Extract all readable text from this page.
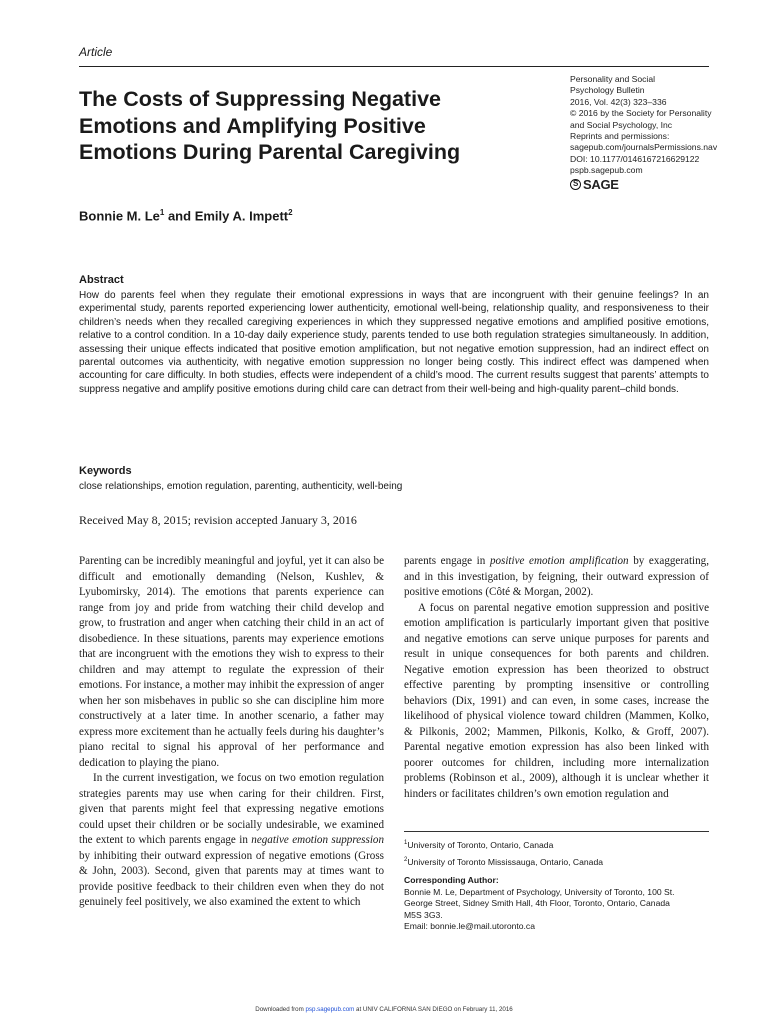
Article
The Costs of Suppressing Negative Emotions and Amplifying Positive Emotions During Parental Caregiving
Personality and Social
Psychology Bulletin
2016, Vol. 42(3) 323–336
© 2016 by the Society for Personality
and Social Psychology, Inc
Reprints and permissions:
sagepub.com/journalsPermissions.nav
DOI: 10.1177/0146167216629122
pspb.sagepub.com
S SAGE
Bonnie M. Le$^1$ and Emily A. Impett$^2$
Abstract

How do parents feel when they regulate their emotional expressions in ways that are incongruent with their genuine feelings? In an experimental study, parents reported experiencing lower authenticity, emotional well-being, relationship quality, and responsiveness to their children’s needs when they recalled caregiving experiences in which they suppressed negative emotions and amplified positive emotions, relative to a control condition. In a 10-day daily experience study, parents tended to use both regulation strategies simultaneously. In addition, assessing their unique effects indicated that positive emotion amplification, but not negative emotion suppression, had an indirect effect on parental outcomes via authenticity, with negative emotion suppression no longer being costly. This indirect effect was dampened when accounting for care difficulty. In both studies, effects were independent of a child’s mood. The current results suggest that parents’ attempts to suppress negative and amplify positive emotions during child care can detract from their well-being and high-quality parent–child bonds.

Keywords

close relationships, emotion regulation, parenting, authenticity, well-being

Received May 8, 2015; revision accepted January 3, 2016

Parenting can be incredibly meaningful and joyful, yet it can also be difficult and emotionally demanding (Nelson, Kushlev, & Lyubomirsky, 2014). The emotions that parents experience can range from joy and pride from watching their child develop and grow, to frustration and anger when catching their child in an act of disobedience. In these situations, parents may experience emotions that are incongruent with the emotions they wish to express to their children and may attempt to regulate the expression of their emotions. For instance, a mother may inhibit the expression of anger when her son misbehaves in public so she can discipline him more constructively at a later time. In another scenario, a father may express more excitement than he actually feels during his daughter’s piano recital to signal his approval of her performance and dedication to playing the piano.

In the current investigation, we focus on two emotion regulation strategies parents may use when caring for their children. First, given that parents might feel that expressing negative emotions could upset their children or be socially undesirable, we examined the extent to which parents engage in negative emotion suppression by inhibiting their outward expression of negative emotions (Gross & John, 2003). Second, given that parents may at times want to provide positive feedback to their children even when they do not genuinely feel positively, we also examined the extent to which

parents engage in positive emotion amplification by exaggerating, and in this investigation, by feigning, their outward expression of positive emotions (Côté & Morgan, 2002).

A focus on parental negative emotion suppression and positive emotion amplification is particularly important given that positive and negative emotions can serve unique purposes for parents and result in unique consequences for both parents and children. Negative emotion expression has been theorized to obstruct effective parenting by prompting insensitive or controlling behaviors (Dix, 1991) and can even, in some cases, increase the likelihood of physical violence toward children (Mammen, Kolko, & Pilkonis, 2002; Mammen, Pilkonis, Kolko, & Groff, 2007). Parental negative emotion expression has also been linked with poorer outcomes for children, including more internalization problems (Robinson et al., 2009), although it is unclear whether it hinders or facilitates children’s own emotion regulation and

$^1$University of Toronto, Ontario, Canada
$^2$University of Toronto Mississauga, Ontario, Canada
Corresponding Author:
Bonnie M. Le, Department of Psychology, University of Toronto, 100 St.
George Street, Sidney Smith Hall, 4th Floor, Toronto, Ontario, Canada
M5S 3G3.
Email: bonnie.le@mail.utoronto.ca
Downloaded from psp.sagepub.com at UNIV CALIFORNIA SAN DIEGO on February 11, 2016
